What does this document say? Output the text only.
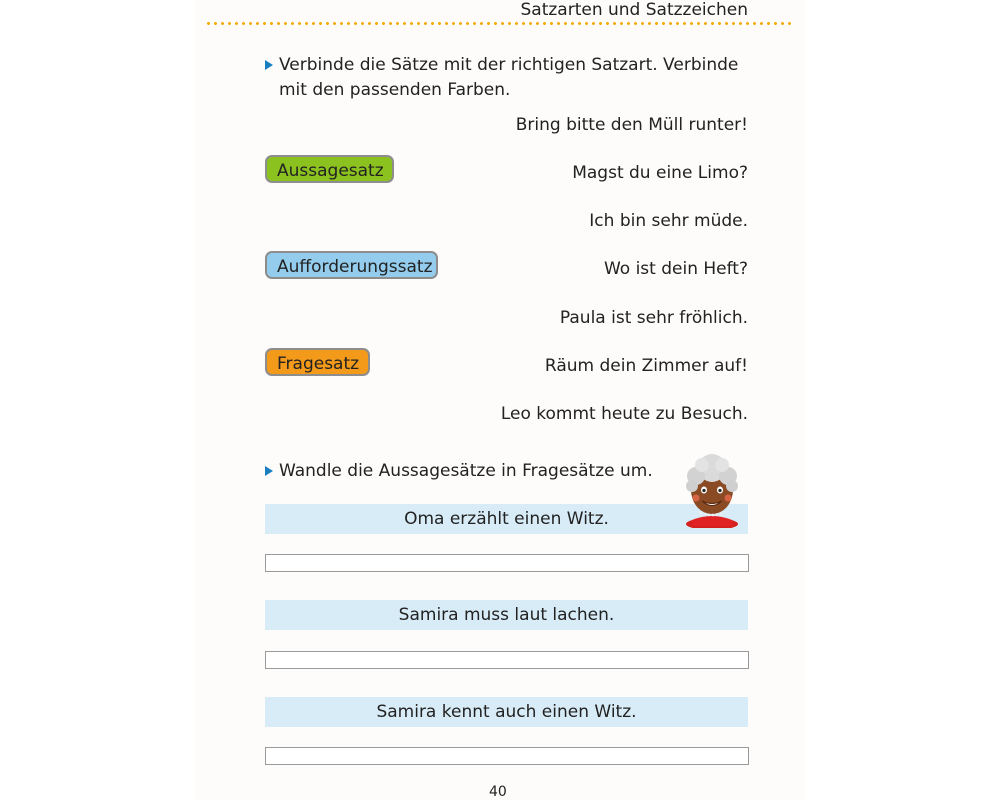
Satzarten und Satzzeichen
Verbinde die Sätze mit der richtigen Satzart. Verbinde mit den passenden Farben.
Bring bitte den Müll runter!
Magst du eine Limo?
Ich bin sehr müde.
Wo ist dein Heft?
Paula ist sehr fröhlich.
Räum dein Zimmer auf!
Leo kommt heute zu Besuch.
Aussagesatz
Aufforderungssatz
Fragesatz
Wandle die Aussagesätze in Fragesätze um.
Oma erzählt einen Witz.
Samira muss laut lachen.
Samira kennt auch einen Witz.
40
